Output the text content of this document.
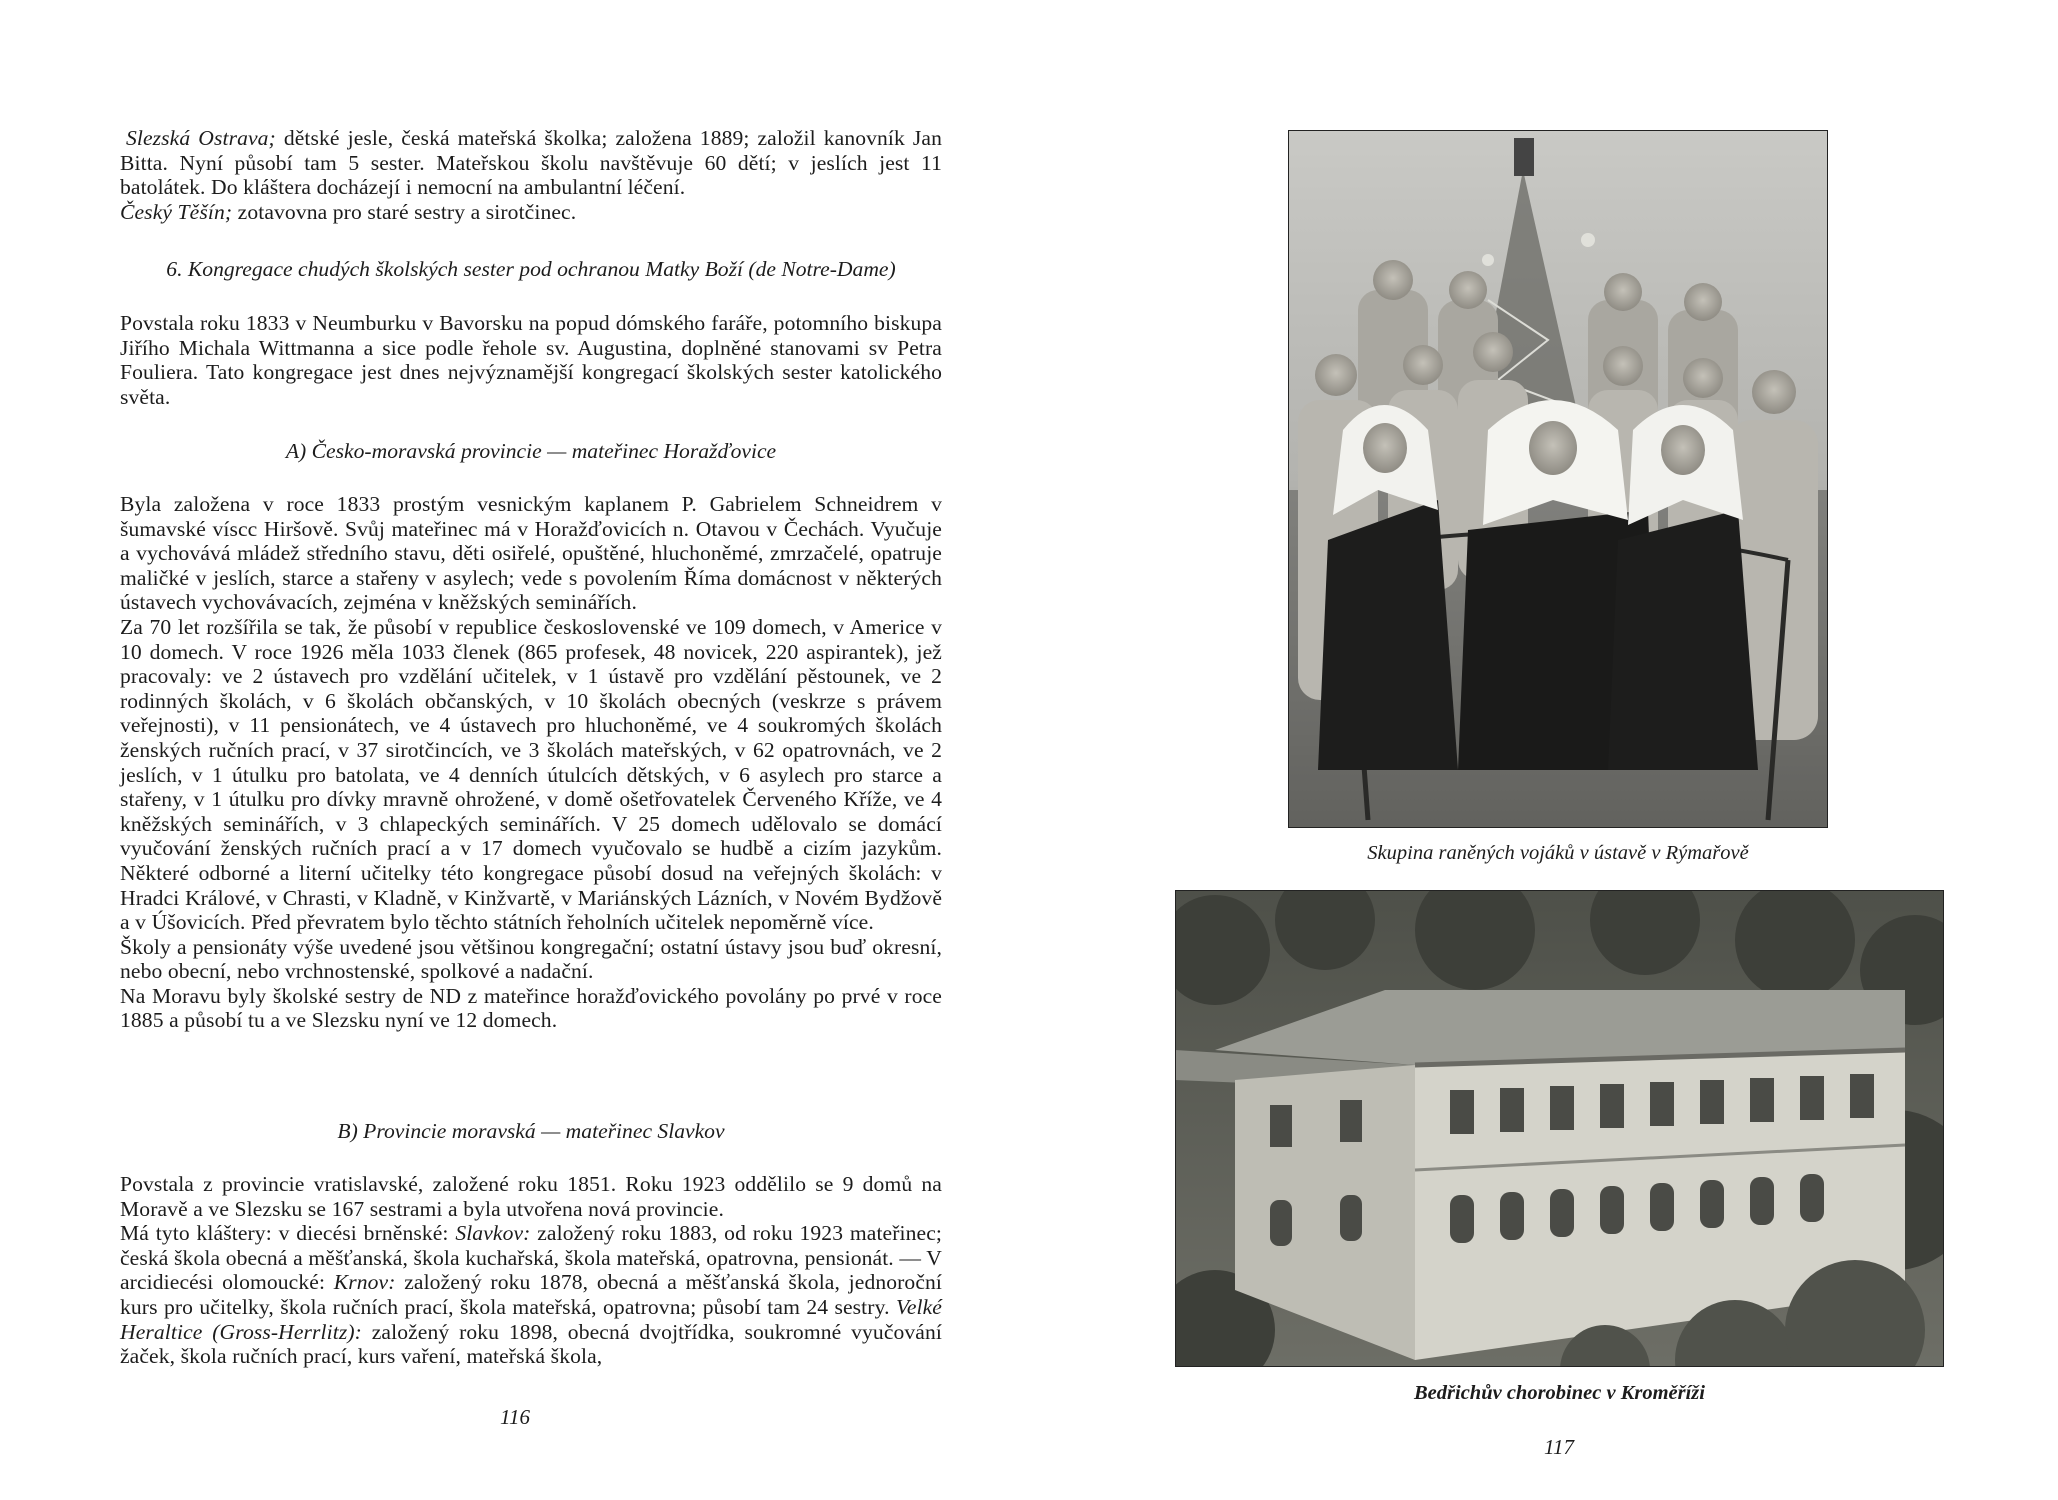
Slezská Ostrava; dětské jesle, česká mateřská školka; založena 1889; založil kanovník Jan Bitta. Nyní působí tam 5 sester. Mateřskou školu navštěvuje 60 dětí; v jeslích jest 11 batolátek. Do kláštera docházejí i nemocní na ambulantní léčení.

Český Těšín; zotavovna pro staré sestry a sirotčinec.

6. Kongregace chudých školských sester pod ochranou Matky Boží (de Notre-Dame)

Povstala roku 1833 v Neumburku v Bavorsku na popud dómského faráře, potomního biskupa Jiřího Michala Wittmanna a sice podle řehole sv. Augustina, doplněné stanovami sv Petra Fouliera. Tato kongregace jest dnes nejvýznamější kongregací školských sester katolického světa.

A) Česko-moravská provincie — mateřinec Horažďovice

Byla založena v roce 1833 prostým vesnickým kaplanem P. Gabrielem Schneidrem v šumavské víscc Hiršově. Svůj mateřinec má v Horažďovicích n. Otavou v Čechách. Vyučuje a vychovává mládež středního stavu, děti osiřelé, opuštěné, hluchoněmé, zmrzačelé, opatruje maličké v jeslích, starce a stařeny v asylech; vede s povolením Říma domácnost v některých ústavech vychovávacích, zejména v kněžských seminářích.

Za 70 let rozšířila se tak, že působí v republice československé ve 109 domech, v Americe v 10 domech. V roce 1926 měla 1033 členek (865 profesek, 48 novicek, 220 aspirantek), jež pracovaly: ve 2 ústavech pro vzdělání učitelek, v 1 ústavě pro vzdělání pěstounek, ve 2 rodinných školách, v 6 školách občanských, v 10 školách obecných (veskrze s právem veřejnosti), v 11 pensionátech, ve 4 ústavech pro hluchoněmé, ve 4 soukromých školách ženských ručních prací, v 37 sirotčincích, ve 3 školách mateřských, v 62 opatrovnách, ve 2 jeslích, v 1 útulku pro batolata, ve 4 denních útulcích dětských, v 6 asylech pro starce a stařeny, v 1 útulku pro dívky mravně ohrožené, v domě ošetřovatelek Červeného Kříže, ve 4 kněžských seminářích, v 3 chlapeckých seminářích. V 25 domech udělovalo se domácí vyučování ženských ručních prací a v 17 domech vyučovalo se hudbě a cizím jazykům. Některé odborné a literní učitelky této kongregace působí dosud na veřejných školách: v Hradci Králové, v Chrasti, v Kladně, v Kinžvartě, v Mariánských Lázních, v Novém Bydžově a v Úšovicích. Před převratem bylo těchto státních řeholních učitelek nepoměrně více.

Školy a pensionáty výše uvedené jsou většinou kongregační; ostatní ústavy jsou buď okresní, nebo obecní, nebo vrchnostenské, spolkové a nadační.

Na Moravu byly školské sestry de ND z mateřince horažďovického povolány po prvé v roce 1885 a působí tu a ve Slezsku nyní ve 12 domech.

B) Provincie moravská — mateřinec Slavkov

Povstala z provincie vratislavské, založené roku 1851. Roku 1923 oddělilo se 9 domů na Moravě a ve Slezsku se 167 sestrami a byla utvořena nová provincie.

Má tyto kláštery: v diecési brněnské: Slavkov: založený roku 1883, od roku 1923 mateřinec; česká škola obecná a měšťanská, škola kuchařská, škola mateřská, opatrovna, pensionát. — V arcidiecési olomoucké: Krnov: založený roku 1878, obecná a měšťanská škola, jednoroční kurs pro učitelky, škola ručních prací, škola mateřská, opatrovna; působí tam 24 sestry. Velké Heraltice (Gross-Herrlitz): založený roku 1898, obecná dvojtřídka, soukromné vyučování žaček, škola ručních prací, kurs vaření, mateřská škola,

116
Skupina raněných vojáků v ústavě v Rýmařově
Bedřichův chorobinec v Kroměříži
117
